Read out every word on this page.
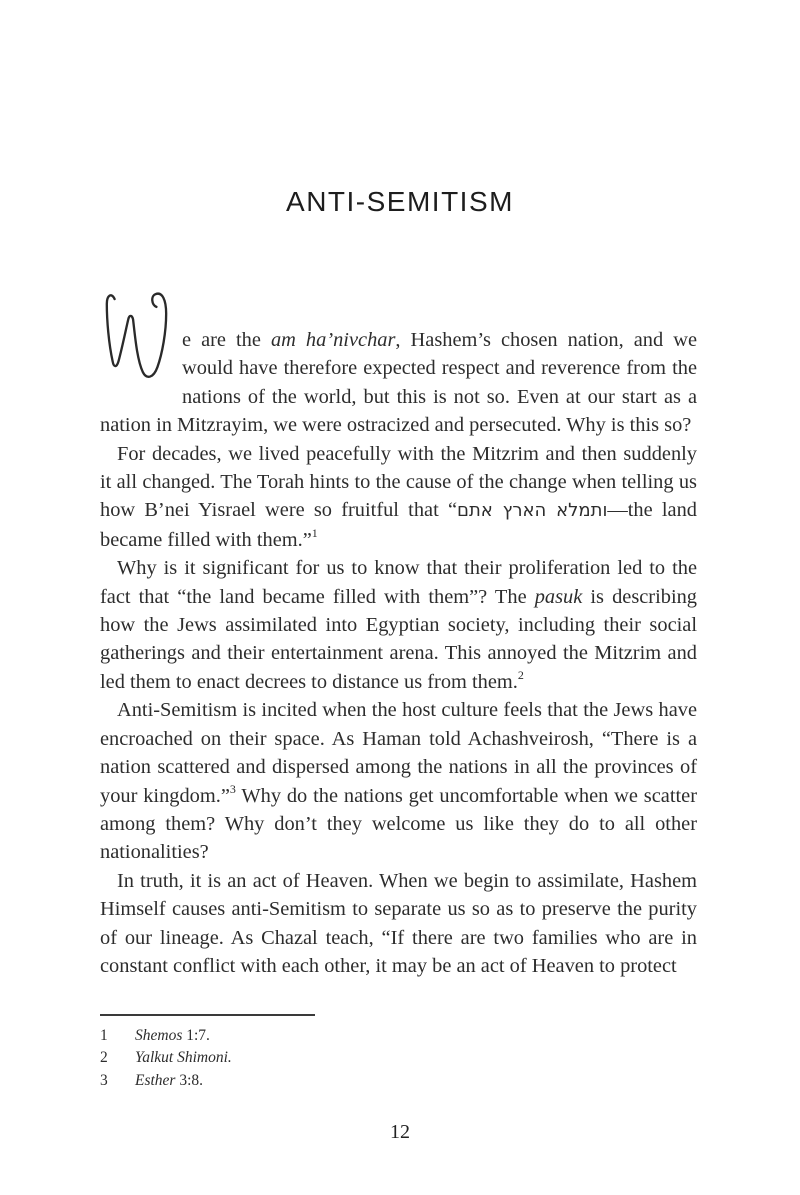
ANTI-SEMITISM

e are the am ha’nivchar, Hashem’s chosen nation, and we would have therefore expected respect and reverence from the nations of the world, but this is not so. Even at our start as a nation in Mitzrayim, we were ostracized and persecuted. Why is this so?

For decades, we lived peacefully with the Mitzrim and then suddenly it all changed. The Torah hints to the cause of the change when telling us how B’nei Yisrael were so fruitful that “ותמלא הארץ אתם—the land became filled with them.”$^1$

Why is it significant for us to know that their proliferation led to the fact that “the land became filled with them”? The pasuk is describing how the Jews assimilated into Egyptian society, including their social gatherings and their entertainment arena. This annoyed the Mitzrim and led them to enact decrees to distance us from them.$^2$

Anti-Semitism is incited when the host culture feels that the Jews have encroached on their space. As Haman told Achashveirosh, “There is a nation scattered and dispersed among the nations in all the provinces of your kingdom.”$^3$ Why do the nations get uncomfortable when we scatter among them? Why don’t they welcome us like they do to all other nationalities?

In truth, it is an act of Heaven. When we begin to assimilate, Hashem Himself causes anti-Semitism to separate us so as to preserve the purity of our lineage. As Chazal teach, “If there are two families who are in constant conflict with each other, it may be an act of Heaven to protect

1	Shemos 1:7.
2	Yalkut Shimoni.
3	Esther 3:8.
12
